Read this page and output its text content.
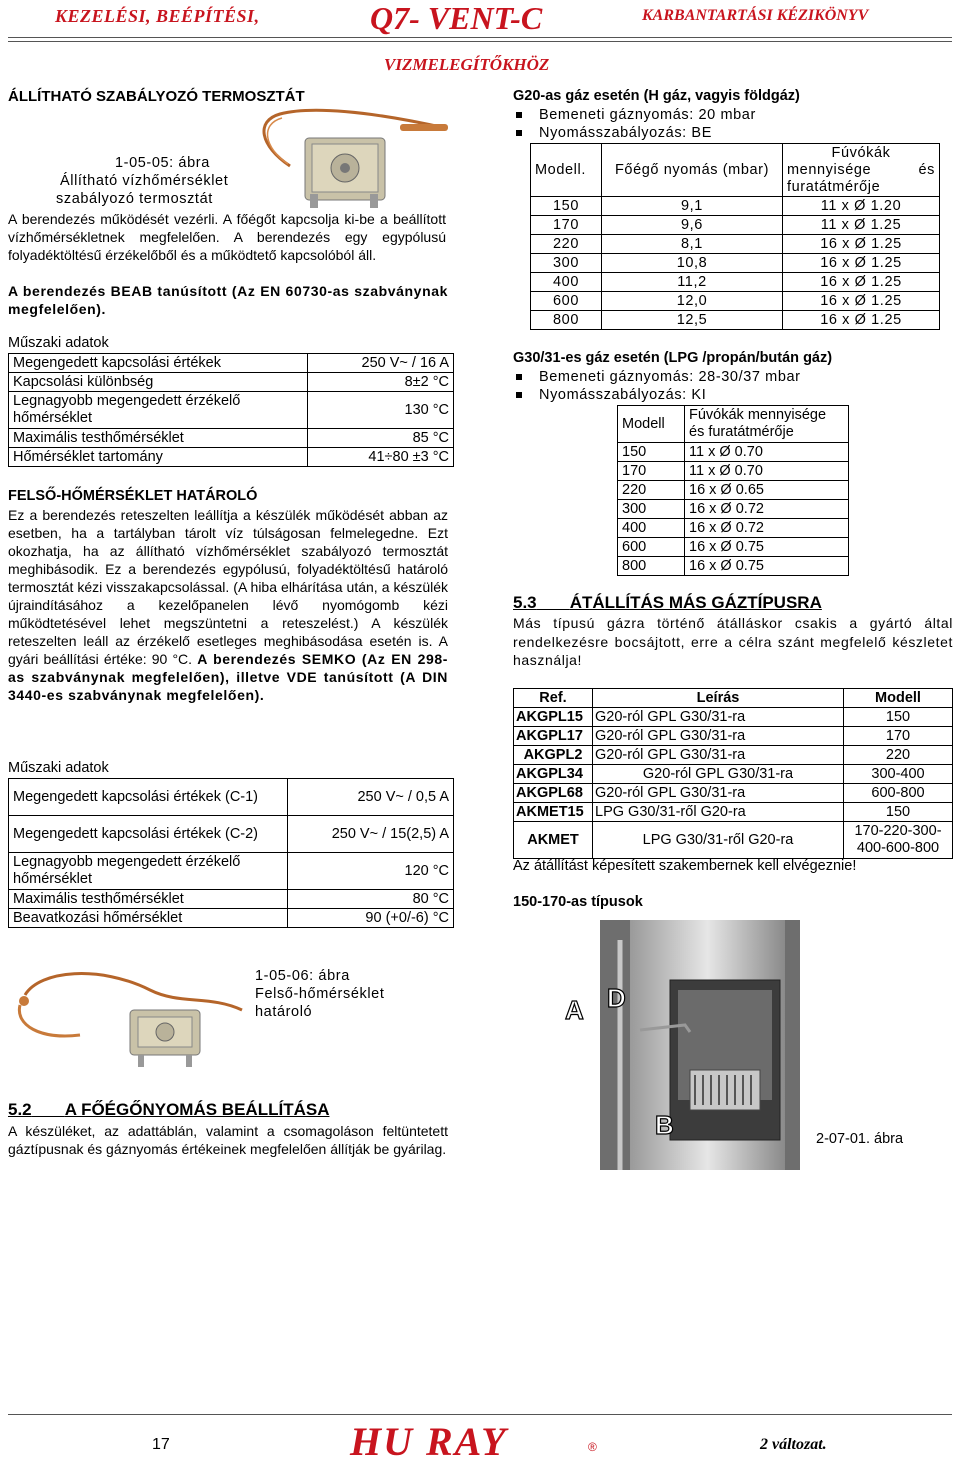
KEZELÉSI, BEÉPÍTÉSI,	Q7- VENT-C	KARBANTARTÁSI KÉZIKÖNYV
VIZMELEGÍTŐKHÖZ
ÁLLÍTHATÓ SZABÁLYOZÓ TERMOSZTÁT
1-05-05: ábra
Állítható vízhőmérséklet
szabályozó termosztát
A berendezés működését vezérli. A főégőt kapcsolja ki-be a beállított vízhőmérsékletnek megfelelően. A berendezés egy egypólusú folyadéktöltésű érzékelőből és a működtető kapcsolóból áll.
A berendezés BEAB tanúsított (Az EN 60730-as szabványnak megfelelően).
Műszaki adatok
Megengedett kapcsolási értékek	250 V~ / 16 A
Kapcsolási különbség	8±2 °C
Legnagyobb megengedett érzékelő hőmérséklet	130 °C
Maximális testhőmérséklet	85 °C
Hőmérséklet tartomány	41÷80 ±3 °C
FELSŐ-HŐMÉRSÉKLET HATÁROLÓ
Ez a berendezés reteszelten leállítja a készülék működését abban az esetben, ha a tartályban tárolt víz túlságosan felmelegedne. Ezt okozhatja, ha az állítható vízhőmérséklet szabályozó termosztát meghibásodik. Ez a berendezés egypólusú, folyadéktöltésű határoló termosztát kézi visszakapcsolással. (A hiba elhárítása után, a készülék újraindításához a kezelőpanelen lévő nyomógomb kézi működtetésével lehet megszüntetni a reteszelést.) A készülék reteszelten leáll az érzékelő esetleges meghibásodása esetén is. A gyári beállítási értéke: 90 °C. A berendezés SEMKO (Az EN 298-as szabványnak megfelelően), illetve VDE tanúsított (A DIN 3440-es szabványnak megfelelően).
Műszaki adatok
Megengedett kapcsolási értékek (C-1)	250 V~ / 0,5 A
Megengedett kapcsolási értékek (C-2)	250 V~ / 15(2,5) A
Legnagyobb megengedett érzékelő hőmérséklet	120 °C
Maximális testhőmérséklet	80 °C
Beavatkozási hőmérséklet	90 (+0/-6) °C
1-05-06: ábra
Felső-hőmérséklet
határoló
5.2 A FŐÉGŐNYOMÁS BEÁLLÍTÁSA
A készüléket, az adattáblán, valamint a csomagoláson feltüntetett gáztípusnak és gáznyomás értékeinek megfelelően állítják be gyárilag.
G20-as gáz esetén (H gáz, vagyis földgáz)
Bemeneti gáznyomás: 20 mbar
Nyomásszabályozás: BE
Modell.	Főégő nyomás (mbar)	Fúvókák
mennyisége és
furatátmérője

150	9,1	11 x Ø 1.20
170	9,6	11 x Ø 1.25
220	8,1	16 x Ø 1.25
300	10,8	16 x Ø 1.25
400	11,2	16 x Ø 1.25
600	12,0	16 x Ø 1.25
800	12,5	16 x Ø 1.25
G30/31-es gáz esetén (LPG /propán/bután gáz)
Bemeneti gáznyomás: 28-30/37 mbar
Nyomásszabályozás: KI
Modell	Fúvókák mennyisége
és furatátmérője

150	11 x Ø 0.70
170	11 x Ø 0.70
220	16 x Ø 0.65
300	16 x Ø 0.72
400	16 x Ø 0.72
600	16 x Ø 0.75
800	16 x Ø 0.75
5.3 ÁTÁLLÍTÁS MÁS GÁZTÍPUSRA
Más típusú gázra történő átálláskor csakis a gyártó által rendelkezésre bocsájtott, erre a célra szánt megfelelő készletet használja!
Ref.	Leírás	Modell
AKGPL15	G20-ról GPL G30/31-ra	150
AKGPL17	G20-ról GPL G30/31-ra	170
AKGPL2	G20-ról GPL G30/31-ra	220
AKGPL34	G20-ról GPL G30/31-ra	300-400
AKGPL68	G20-ról GPL G30/31-ra	600-800
AKMET15	LPG G30/31-ről G20-ra	150
AKMET	LPG G30/31-ről G20-ra	170-220-300-
400-600-800
Az átállítást képesített szakembernek kell elvégeznie!
150-170-as típusok
A D
B	2-07-01. ábra
17	HU RAY	®	2 változat.
